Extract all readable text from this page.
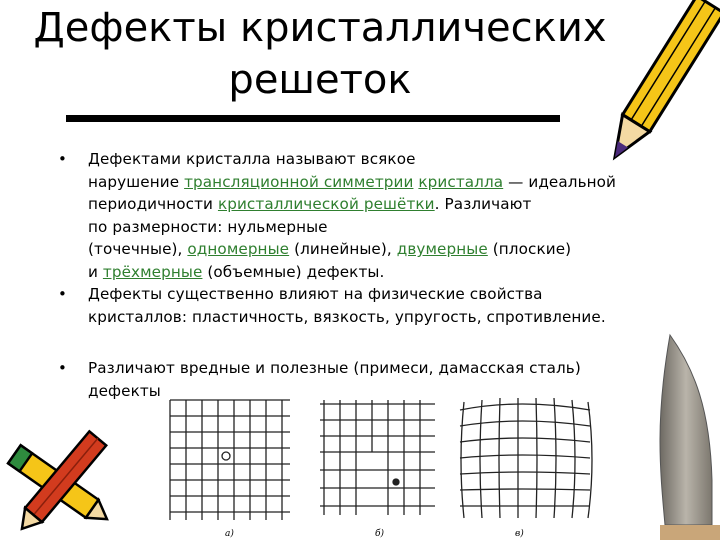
Дефекты кристаллических
решеток
• Дефектами кристалла называют всякое
нарушение трансляционной симметрии кристалла — идеальной
периодичности кристаллической решётки. Различают
по размерности: нульмерные
(точечные), одномерные (линейные), двумерные (плоские)
и трёхмерные (объемные) дефекты.
• Дефекты существенно влияют на физические свойства
кристаллов: пластичность, вязкость, упругость, спротивление.
• Различают вредные и полезные (примеси, дамасская сталь)
дефекты
а)	б)	в)
